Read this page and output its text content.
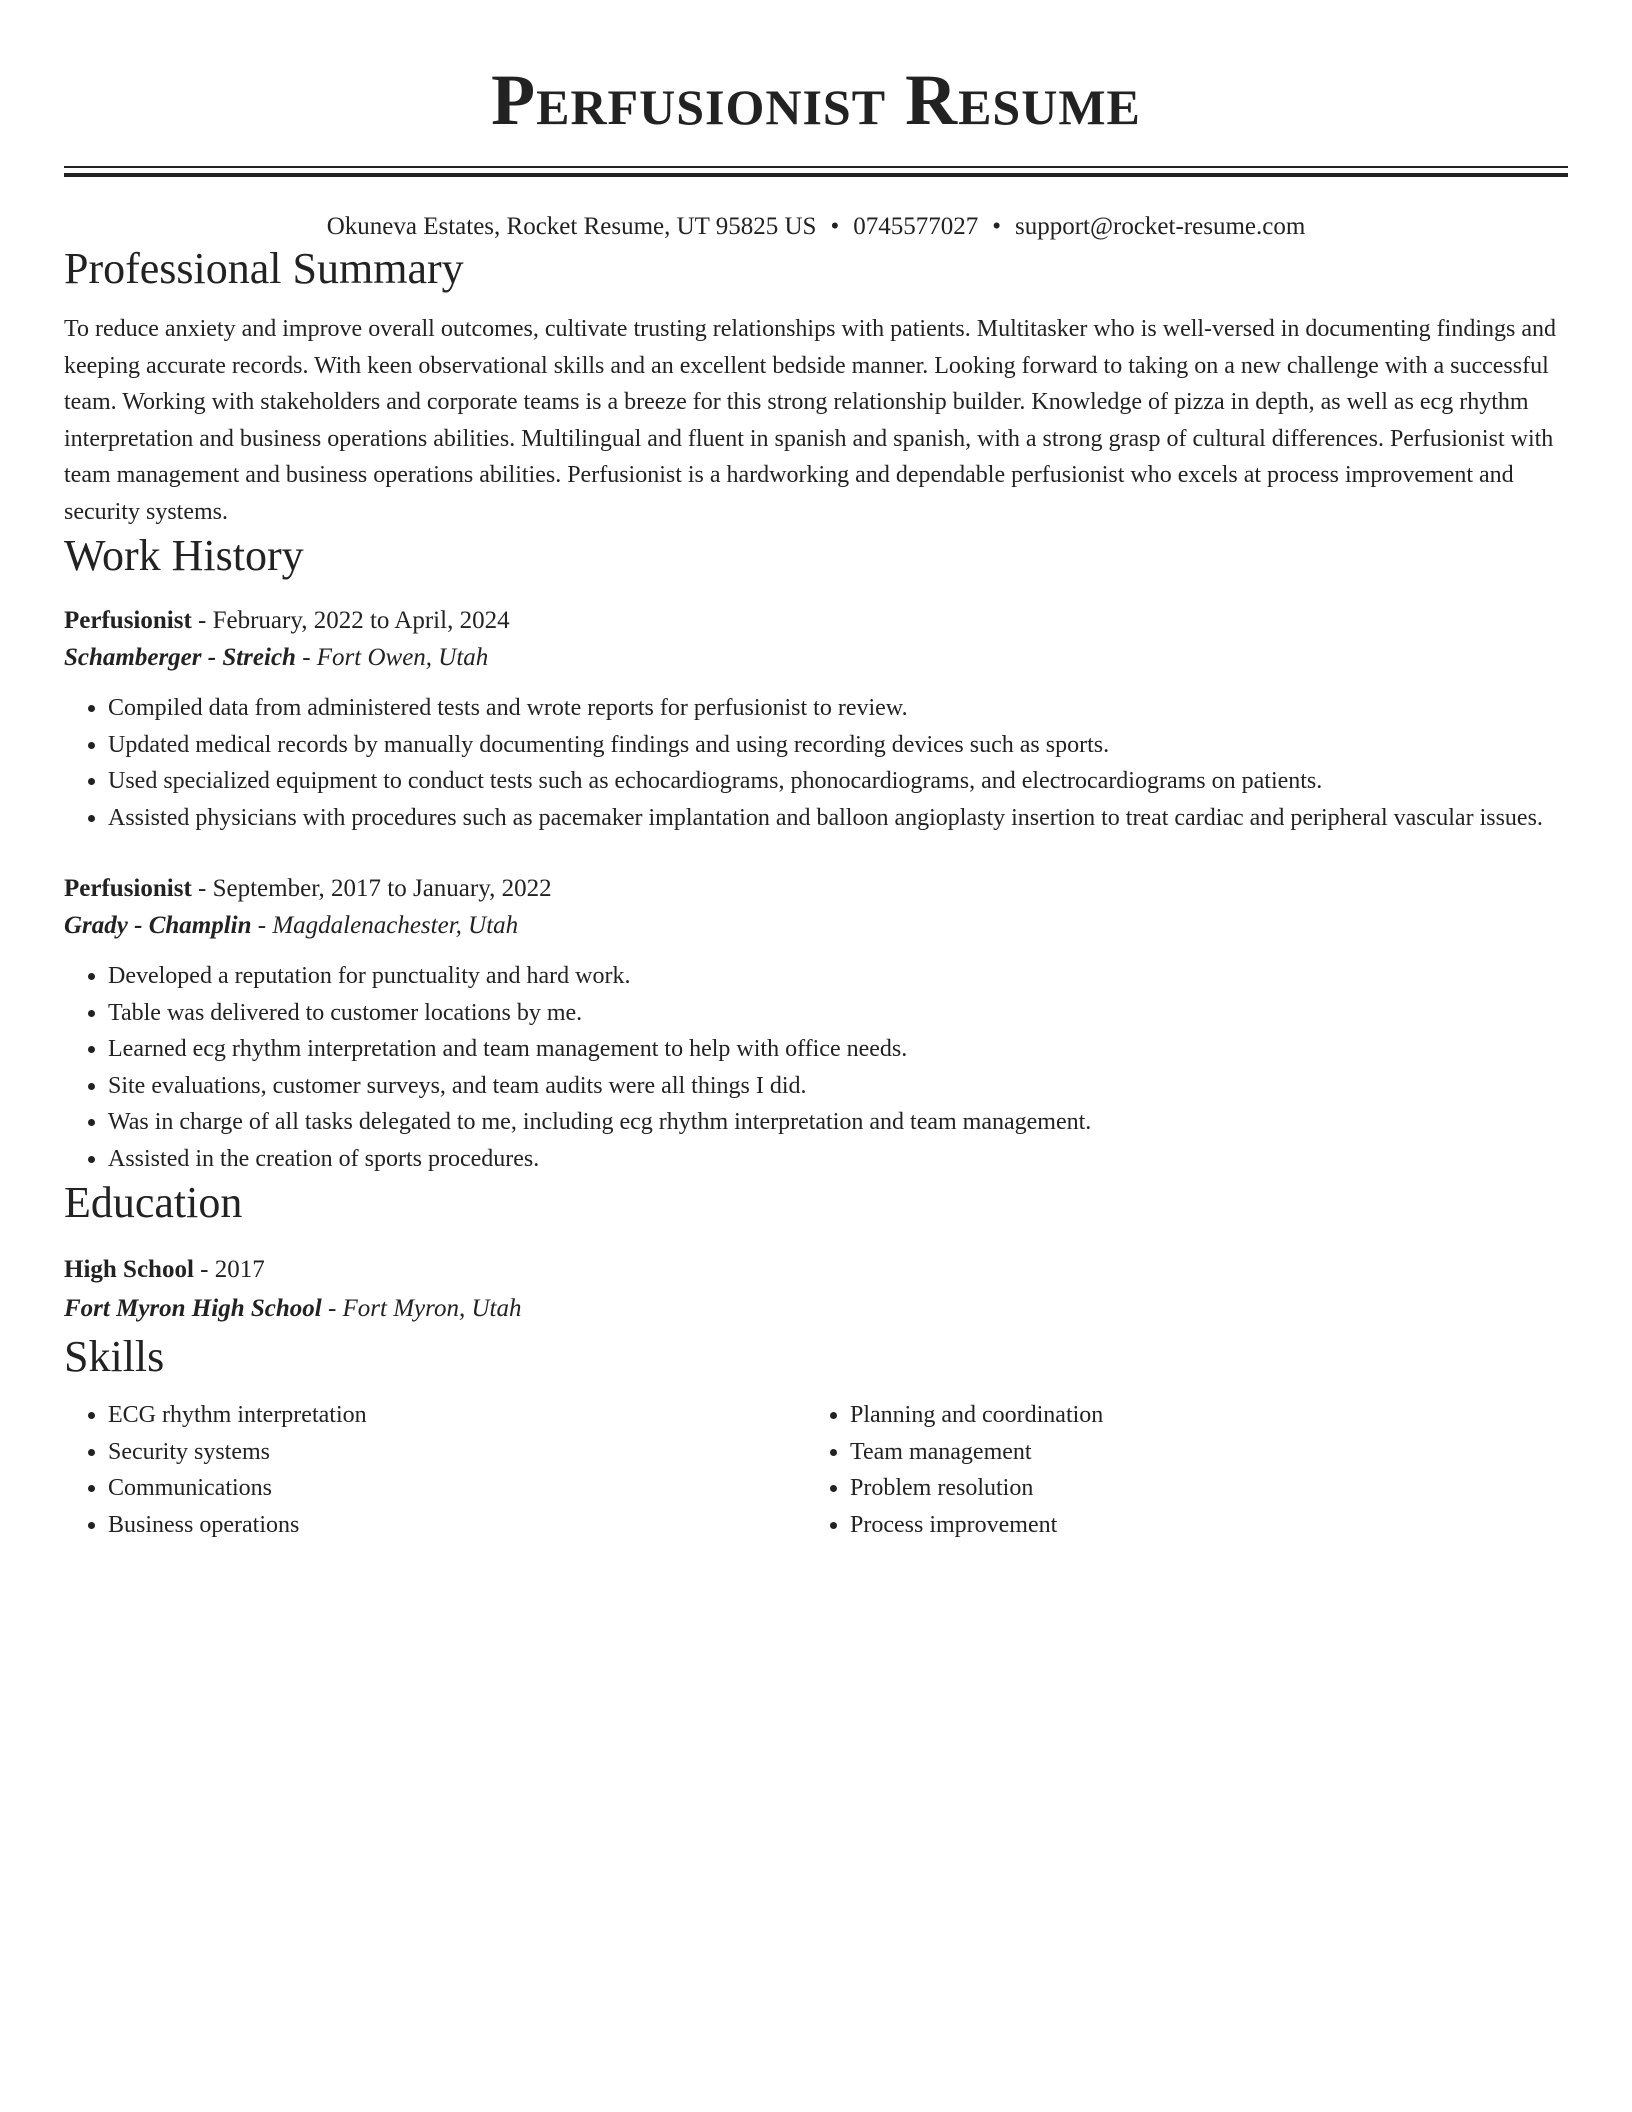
Perfusionist Resume
Okuneva Estates, Rocket Resume, UT 95825 US • 0745577027 • support@rocket-resume.com
Professional Summary

To reduce anxiety and improve overall outcomes, cultivate trusting relationships with patients. Multitasker who is well-versed in documenting findings and keeping accurate records. With keen observational skills and an excellent bedside manner. Looking forward to taking on a new challenge with a successful team. Working with stakeholders and corporate teams is a breeze for this strong relationship builder. Knowledge of pizza in depth, as well as ecg rhythm interpretation and business operations abilities. Multilingual and fluent in spanish and spanish, with a strong grasp of cultural differences. Perfusionist with team management and business operations abilities. Perfusionist is a hardworking and dependable perfusionist who excels at process improvement and security systems.

Work History
Perfusionist - February, 2022 to April, 2024
Schamberger - Streich - Fort Owen, Utah
• Compiled data from administered tests and wrote reports for perfusionist to review.
• Updated medical records by manually documenting findings and using recording devices such as sports.
• Used specialized equipment to conduct tests such as echocardiograms, phonocardiograms, and electrocardiograms on patients.
• Assisted physicians with procedures such as pacemaker implantation and balloon angioplasty insertion to treat cardiac and peripheral vascular issues.
Perfusionist - September, 2017 to January, 2022
Grady - Champlin - Magdalenachester, Utah
• Developed a reputation for punctuality and hard work.
• Table was delivered to customer locations by me.
• Learned ecg rhythm interpretation and team management to help with office needs.
• Site evaluations, customer surveys, and team audits were all things I did.
• Was in charge of all tasks delegated to me, including ecg rhythm interpretation and team management.
• Assisted in the creation of sports procedures.
Education
High School - 2017
Fort Myron High School - Fort Myron, Utah
Skills
• ECG rhythm interpretation
• Security systems
• Communications
• Business operations
• Planning and coordination
• Team management
• Problem resolution
• Process improvement
